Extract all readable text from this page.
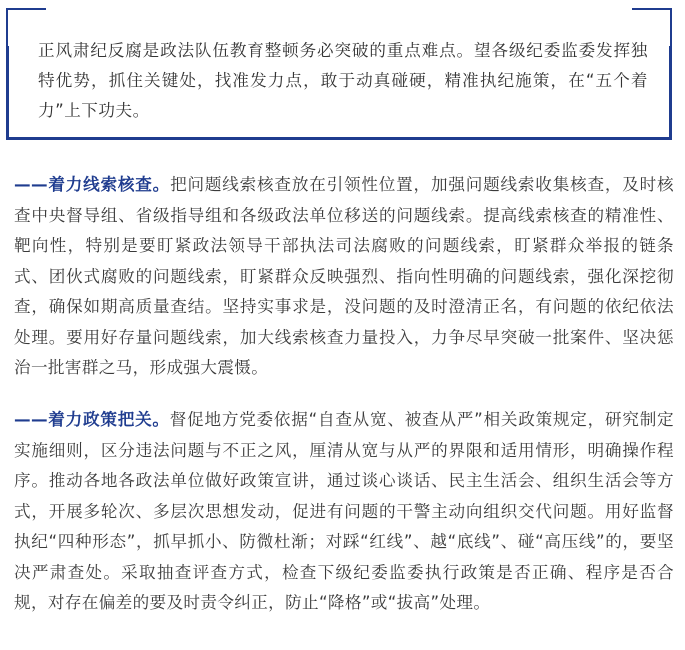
正风肃纪反腐是政法队伍教育整顿务必突破的重点难点。望各级纪委监委发挥独特优势，抓住关键处，找准发力点，敢于动真碰硬，精准执纪施策，在“五个着力”上下功夫。

——着力线索核查。把问题线索核查放在引领性位置，加强问题线索收集核查，及时核查中央督导组、省级指导组和各级政法单位移送的问题线索。提高线索核查的精准性、靶向性，特别是要盯紧政法领导干部执法司法腐败的问题线索，盯紧群众举报的链条式、团伙式腐败的问题线索，盯紧群众反映强烈、指向性明确的问题线索，强化深挖彻查，确保如期高质量查结。坚持实事求是，没问题的及时澄清正名，有问题的依纪依法处理。要用好存量问题线索，加大线索核查力量投入，力争尽早突破一批案件、坚决惩治一批害群之马，形成强大震慑。

——着力政策把关。督促地方党委依据“自查从宽、被查从严”相关政策规定，研究制定实施细则，区分违法问题与不正之风，厘清从宽与从严的界限和适用情形，明确操作程序。推动各地各政法单位做好政策宣讲，通过谈心谈话、民主生活会、组织生活会等方式，开展多轮次、多层次思想发动，促进有问题的干警主动向组织交代问题。用好监督执纪“四种形态”，抓早抓小、防微杜渐；对踩“红线”、越“底线”、碰“高压线”的，要坚决严肃查处。采取抽查评查方式，检查下级纪委监委执行政策是否正确、程序是否合规，对存在偏差的要及时责令纠正，防止“降格”或“拔高”处理。
